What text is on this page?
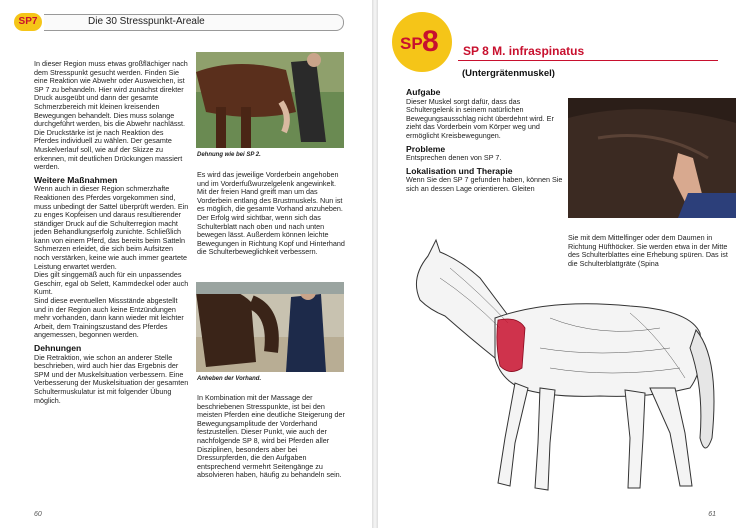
SP7	Die 30 Stresspunkt-Areale

In dieser Region muss etwas großflächiger nach dem Stresspunkt gesucht werden. Finden Sie eine Reaktion wie Abwehr oder Ausweichen, ist SP 7 zu behandeln. Hier wird zunächst direkter Druck ausgeübt und dann der gesamte Schmerzbereich mit kleinen kreisenden Bewegungen behandelt. Dies muss solange durchgeführt werden, bis die Abwehr nachlässt. Die Druckstärke ist je nach Reaktion des Pferdes individuell zu wählen. Der gesamte Muskelverlauf soll, wie auf der Skizze zu erkennen, mit deutlichen Drückungen massiert werden.

Weitere Maßnahmen

Wenn auch in dieser Region schmerzhafte Reaktionen des Pferdes vorgekommen sind, muss unbedingt der Sattel überprüft werden. Ein zu enges Kopfeisen und daraus resultierender ständiger Druck auf die Schulterregion macht jeden Behandlungserfolg zunichte. Schließlich kann von einem Pferd, das bereits beim Satteln Schmerzen erleidet, die sich beim Aufsitzen noch verstärken, keine wie auch immer geartete Leistung erwartet werden.

Dies gilt singgemäß auch für ein unpassendes Geschirr, egal ob Selett, Kammdeckel oder auch Kumt.

Sind diese eventuellen Missstände abgestellt und in der Region auch keine Entzündungen mehr vorhanden, dann kann wieder mit leichter Arbeit, dem Trainingszustand des Pferdes angemessen, begonnen werden.

Dehnungen

Die Retraktion, wie schon an anderer Stelle beschrieben, wird auch hier das Ergebnis der SPM und der Muskelsituation verbessern. Eine Verbesserung der Muskelsituation der gesamten Schultermuskulatur ist mit folgender Übung möglich.

Dehnung wie bei SP 2.

Es wird das jeweilige Vorderbein angehoben und im Vorderfußwurzelgelenk angewinkelt. Mit der freien Hand greift man um das Vorderbein entlang des Brustmuskels. Nun ist es möglich, die gesamte Vorhand anzuheben. Der Erfolg wird sichtbar, wenn sich das Schulterblatt nach oben und nach unten bewegen lässt. Außerdem können leichte Bewegungen in Richtung Kopf und Hinterhand die Schulterbeweglichkeit verbessern.

Anheben der Vorhand.

In Kombination mit der Massage der beschriebenen Stresspunkte, ist bei den meisten Pferden eine deutliche Steigerung der Bewegungsamplitude der Vorderhand festzustellen. Dieser Punkt, wie auch der nachfolgende SP 8, wird bei Pferden aller Disziplinen, besonders aber bei Dressurpferden, die den Aufgaben entsprechend vermehrt Seitengänge zu absolvieren haben, häufig zu behandeln sein.

60
SP 8 SP 8 M. infraspinatus
(Untergrätenmuskel)
Aufgabe

Dieser Muskel sorgt dafür, dass das Schultergelenk in seinem natürlichen Bewegungsausschlag nicht überdehnt wird. Er zieht das Vorderbein vom Körper weg und ermöglicht Kreisbewegungen.

Probleme

Entsprechen denen von SP 7.

Lokalisation und Therapie

Wenn Sie den SP 7 gefunden haben, können Sie sich an dessen Lage orientieren. Gleiten

Sie mit dem Mittelfinger oder dem Daumen in Richtung Hüfthöcker. Sie werden etwa in der Mitte des Schulterblattes eine Erhebung spüren. Das ist die Schulterblattgräte (Spina

61
